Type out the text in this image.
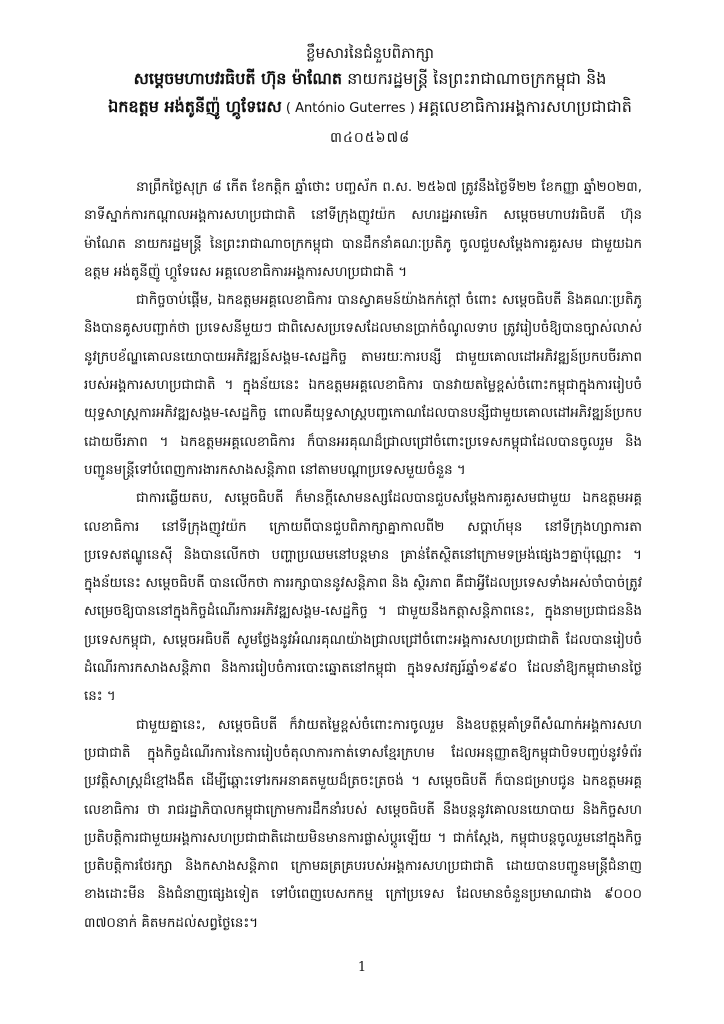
ខ្លឹមសារនៃជំនួបពិភាក្សា
សម្តេចមហាបវរធិបតី ហ៊ុន ម៉ាណែត នាយករដ្ឋមន្ត្រី នៃព្រះរាជាណាចក្រកម្ពុជា និង
ឯកឧត្តម អង់តូនីញ៉ូ ហ្គូទែរេស ( António Guterres ) អគ្គលេខាធិការអង្គការសហប្រជាជាតិ
៣៤០៥៦៧៨

នាព្រឹកថ្ងៃសុក្រ ៨ កើត ខែកត្តិក ឆ្នាំថោះ បញ្ចស័ក ព.ស. ២៥៦៧ ត្រូវនឹងថ្ងៃទី២២ ខែកញ្ញា ឆ្នាំ២០២៣, នាទីស្នាក់ការកណ្តាលអង្គការសហប្រជាជាតិ នៅទីក្រុងញូវយ៉ក សហរដ្ឋអាមេរិក សម្តេចមហាបវរធិបតី ហ៊ុន ម៉ាណែត នាយករដ្ឋមន្ត្រី នៃព្រះរាជាណាចក្រកម្ពុជា បានដឹកនាំគណៈប្រតិភូ ចូលជួបសម្តែងការគួរសម ជាមួយឯកឧត្តម អង់តូនីញ៉ូ ហ្គូទែរេស អគ្គលេខាធិការអង្គការសហប្រជាជាតិ ។

ជាកិច្ចចាប់ផ្តើម, ឯកឧត្តមអគ្គលេខាធិការ បានស្វាគមន៍យ៉ាងកក់ក្តៅ ចំពោះ សម្តេចធិបតី និងគណៈប្រតិភូ និងបានគូសបញ្ជាក់ថា ប្រទេសនីមួយៗ ជាពិសេសប្រទេសដែលមានប្រាក់ចំណូលទាប ត្រូវរៀបចំឱ្យបានច្បាស់លាស់ នូវក្របខ័ណ្ឌគោលនយោបាយអភិវឌ្ឍន៍សង្គម-សេដ្ឋកិច្ច តាមរយៈការបន្សី ជាមួយគោលដៅអភិវឌ្ឍន៍ប្រកបចីរភាព របស់អង្គការសហប្រជាជាតិ ។ ក្នុងន័យនេះ ឯកឧត្តមអគ្គលេខាធិការ បានវាយតម្លៃខ្ពស់ចំពោះកម្ពុជាក្នុងការរៀបចំយុទ្ធសាស្ត្រការអភិវឌ្ឍសង្គម-សេដ្ឋកិច្ច ពោលគឺយុទ្ធសាស្ត្របញ្ចកោណដែលបានបន្សីជាមួយគោលដៅអភិវឌ្ឍន៍ប្រកបដោយចីរភាព ។ ឯកឧត្តមអគ្គលេខាធិការ ក៏បានអរគុណដ៏ជ្រាលជ្រៅចំពោះប្រទេសកម្ពុជាដែលបានចូលរួម និង បញ្ជូនមន្ត្រីទៅបំពេញការងារកសាងសន្តិភាព នៅតាមបណ្តាប្រទេសមួយចំនួន ។

ជាការឆ្លើយតប, សម្តេចធិបតី ក៏មានក្តីសោមនស្សដែលបានជួបសម្តែងការគួរសមជាមួយ ឯកឧត្តមអគ្គលេខាធិការ នៅទីក្រុងញូវយ៉ក ក្រោយពីបានជួបពិភាក្សាគ្នាកាលពី២ សប្តាហ៍មុន នៅទីក្រុងហ្សាការតា ប្រទេសឥណ្ឌូនេស៊ី និងបានលើកថា បញ្ហាប្រឈមនៅបន្តមាន គ្រាន់តែស្ថិតនៅក្រោមទម្រង់ផ្សេងៗគ្នាប៉ុណ្ណោះ ។ ក្នុងន័យនេះ សម្តេចធិបតី បានលើកថា ការរក្សាបាននូវសន្តិភាព និង ស្ថិរភាព គឺជាអ្វីដែលប្រទេសទាំងអស់ចាំបាច់ត្រូវសម្រេចឱ្យបាននៅក្នុងកិច្ចដំណើរការអភិវឌ្ឍសង្គម-សេដ្ឋកិច្ច ។ ជាមួយនឹងកត្តាសន្តិភាពនេះ, ក្នុងនាមប្រជាជននិងប្រទេសកម្ពុជា, សម្តេចអធិបតី សូមថ្លែងនូវអំណរគុណយ៉ាងជ្រាលជ្រៅចំពោះអង្គការសហប្រជាជាតិ ដែលបានរៀបចំដំណើរការកសាងសន្តិភាព និងការរៀបចំការបោះឆ្នោតនៅកម្ពុជា ក្នុងទសវត្សរ៍ឆ្នាំ១៩៩០ ដែលនាំឱ្យកម្ពុជាមានថ្ងៃនេះ ។

ជាមួយគ្នានេះ, សម្តេចធិបតី ក៏វាយតម្លៃខ្ពស់ចំពោះការចូលរួម និងឧបត្ថម្ភគាំទ្រពីសំណាក់អង្គការសហប្រជាជាតិ ក្នុងកិច្ចដំណើរការនៃការរៀបចំតុលាការកាត់ទោសខ្មែរក្រហម ដែលអនុញ្ញាតឱ្យកម្ពុជាបិទបញ្ចប់នូវទំព័រប្រវត្តិសាស្ត្រដ៏ខ្មៅងងឹត ដើម្បីឆ្ពោះទៅរកអនាគតមួយដ៏ត្រចះត្រចង់ ។ សម្តេចធិបតី ក៏បានជម្រាបជូន ឯកឧត្តមអគ្គលេខាធិការ ថា រាជរដ្ឋាភិបាលកម្ពុជាក្រោមការដឹកនាំរបស់ សម្តេចធិបតី នឹងបន្តនូវគោលនយោបាយ និងកិច្ចសហប្រតិបត្តិការជាមួយអង្គការសហប្រជាជាតិដោយមិនមានការផ្លាស់ប្តូរឡើយ ។ ជាក់ស្តែង, កម្ពុជាបន្តចូលរួមនៅក្នុងកិច្ចប្រតិបត្តិការថែរក្សា និងកសាងសន្តិភាព ក្រោមឆត្រគ្របរបស់អង្គការសហប្រជាជាតិ ដោយបានបញ្ជូនមន្ត្រីជំនាញខាងដោះមីន និងជំនាញផ្សេងទៀត ទៅបំពេញបេសកកម្ម ក្រៅប្រទេស ដែលមានចំនួនប្រមាណជាង ៩០០០ ៣៧០នាក់ គិតមកដល់សព្វថ្ងៃនេះ។

1
